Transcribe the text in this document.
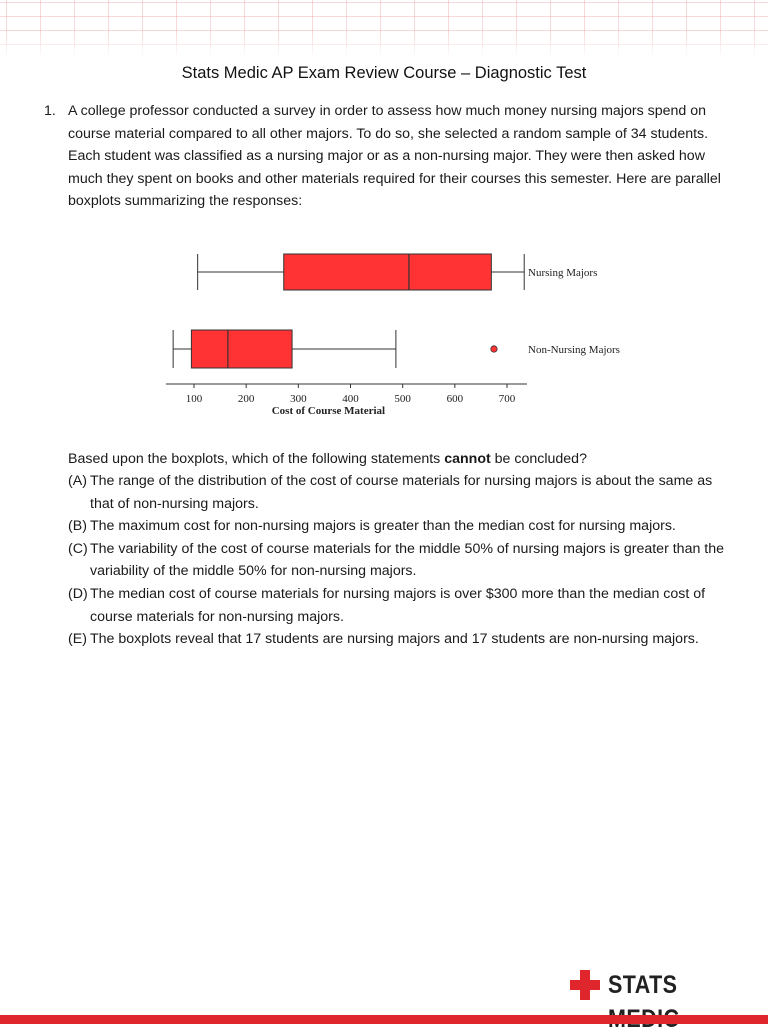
Stats Medic AP Exam Review Course – Diagnostic Test
1. A college professor conducted a survey in order to assess how much money nursing majors spend on course material compared to all other majors. To do so, she selected a random sample of 34 students. Each student was classified as a nursing major or as a non-nursing major. They were then asked how much they spent on books and other materials required for their courses this semester. Here are parallel boxplots summarizing the responses:
Nursing Majors
Non-Nursing Majors
100	200	300	400	500	600	700
Cost of Course Material
Based upon the boxplots, which of the following statements cannot be concluded?
(A) The range of the distribution of the cost of course materials for nursing majors is about the same as that of non-nursing majors.
(B) The maximum cost for non-nursing majors is greater than the median cost for nursing majors.
(C) The variability of the cost of course materials for the middle 50% of nursing majors is greater than the variability of the middle 50% for non-nursing majors.
(D) The median cost of course materials for nursing majors is over $300 more than the median cost of course materials for non-nursing majors.
(E) The boxplots reveal that 17 students are nursing majors and 17 students are non-nursing majors.
STATS
